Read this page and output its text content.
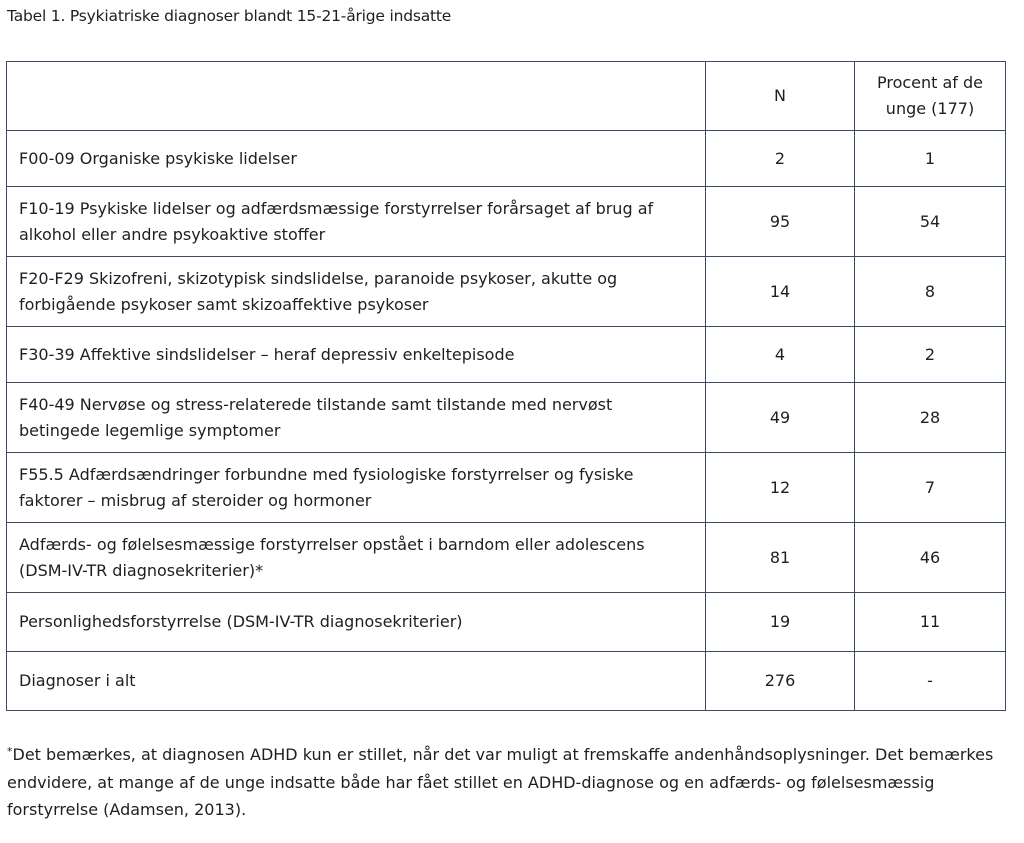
Tabel 1. Psykiatriske diagnoser blandt 15-21-årige indsatte
	N	Procent af de unge (177)

F00-09 Organiske psykiske lidelser	2	1
F10-19 Psykiske lidelser og adfærdsmæssige forstyrrelser forårsaget af brug af alkohol eller andre psykoaktive stoffer	95	54
F20-F29 Skizofreni, skizotypisk sindslidelse, paranoide psykoser, akutte og forbigående psykoser samt skizoaffektive psykoser	14	8
F30-39 Affektive sindslidelser – heraf depressiv enkeltepisode	4	2
F40-49 Nervøse og stress-relaterede tilstande samt tilstande med nervøst betingede legemlige symptomer	49	28
F55.5 Adfærdsændringer forbundne med fysiologiske forstyrrelser og fysiske faktorer – misbrug af steroider og hormoner	12	7
Adfærds- og følelsesmæssige forstyrrelser opstået i barndom eller adolescens (DSM-IV-TR diagnosekriterier)*	81	46
Personlighedsforstyrrelse (DSM-IV-TR diagnosekriterier)	19	11
Diagnoser i alt	276	-
*Det bemærkes, at diagnosen ADHD kun er stillet, når det var muligt at fremskaffe andenhåndsoplysninger. Det bemærkes endvidere, at mange af de unge indsatte både har fået stillet en ADHD-diagnose og en adfærds- og følelsesmæssig forstyrrelse (Adamsen, 2013).
